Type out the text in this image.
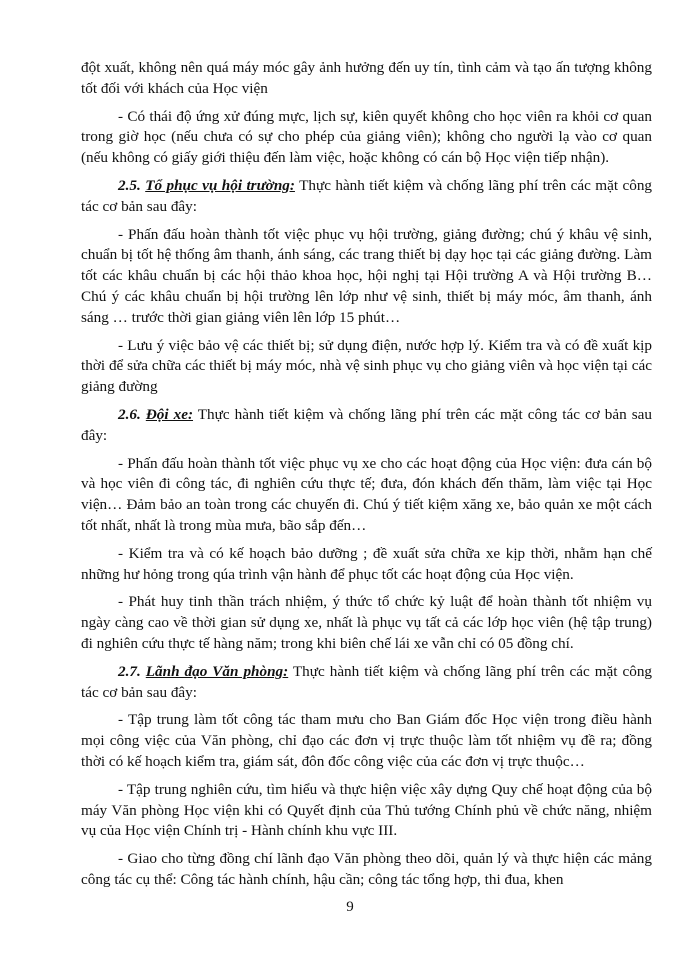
đột xuất, không nên quá máy móc gây ảnh hưởng đến uy tín, tình cảm và tạo ấn tượng không tốt đối với khách của Học viện

- Có thái độ ứng xử đúng mực, lịch sự, kiên quyết không cho học viên ra khỏi cơ quan trong giờ học (nếu chưa có sự cho phép của giảng viên); không cho người lạ vào cơ quan (nếu không có giấy giới thiệu đến làm việc, hoặc không có cán bộ Học viện tiếp nhận).

2.5. Tổ phục vụ hội trường: Thực hành tiết kiệm và chống lãng phí trên các mặt công tác cơ bản sau đây:

- Phấn đấu hoàn thành tốt việc phục vụ hội trường, giảng đường; chú ý khâu vệ sinh, chuẩn bị tốt hệ thống âm thanh, ánh sáng, các trang thiết bị dạy học tại các giảng đường. Làm tốt các khâu chuẩn bị các hội thảo khoa học, hội nghị tại Hội trường A và Hội trường B… Chú ý các khâu chuẩn bị hội trường lên lớp như vệ sinh, thiết bị máy móc, âm thanh, ánh sáng … trước thời gian giảng viên lên lớp 15 phút…

- Lưu ý việc bảo vệ các thiết bị; sử dụng điện, nước hợp lý. Kiểm tra và có đề xuất kịp thời để sửa chữa các thiết bị máy móc, nhà vệ sinh phục vụ cho giảng viên và học viện tại các giảng đường

2.6. Đội xe: Thực hành tiết kiệm và chống lãng phí trên các mặt công tác cơ bản sau đây:

- Phấn đấu hoàn thành tốt việc phục vụ xe cho các hoạt động của Học viện: đưa cán bộ và học viên đi công tác, đi nghiên cứu thực tế; đưa, đón khách đến thăm, làm việc tại Học viện… Đảm bảo an toàn trong các chuyến đi. Chú ý tiết kiệm xăng xe, bảo quản xe một cách tốt nhất, nhất là trong mùa mưa, bão sắp đến…

- Kiểm tra và có kế hoạch bảo dưỡng ; đề xuất sửa chữa xe kịp thời, nhằm hạn chế những hư hỏng trong qúa trình vận hành để phục tốt các hoạt động của Học viện.

- Phát huy tinh thần trách nhiệm, ý thức tổ chức kỷ luật để hoàn thành tốt nhiệm vụ ngày càng cao về thời gian sử dụng xe, nhất là phục vụ tất cả các lớp học viên (hệ tập trung) đi nghiên cứu thực tế hàng năm; trong khi biên chế lái xe vẫn chỉ có 05 đồng chí.

2.7. Lãnh đạo Văn phòng: Thực hành tiết kiệm và chống lãng phí trên các mặt công tác cơ bản sau đây:

- Tập trung làm tốt công tác tham mưu cho Ban Giám đốc Học viện trong điều hành mọi công việc của Văn phòng, chỉ đạo các đơn vị trực thuộc làm tốt nhiệm vụ đề ra; đồng thời có kế hoạch kiểm tra, giám sát, đôn đốc công việc của các đơn vị trực thuộc…

- Tập trung nghiên cứu, tìm hiểu và thực hiện việc xây dựng Quy chế hoạt động của bộ máy Văn phòng Học viện khi có Quyết định của Thủ tướng Chính phủ về chức năng, nhiệm vụ của Học viện Chính trị - Hành chính khu vực III.

- Giao cho từng đồng chí lãnh đạo Văn phòng theo dõi, quản lý và thực hiện các mảng công tác cụ thể: Công tác hành chính, hậu cần; công tác tổng hợp, thi đua, khen

9
